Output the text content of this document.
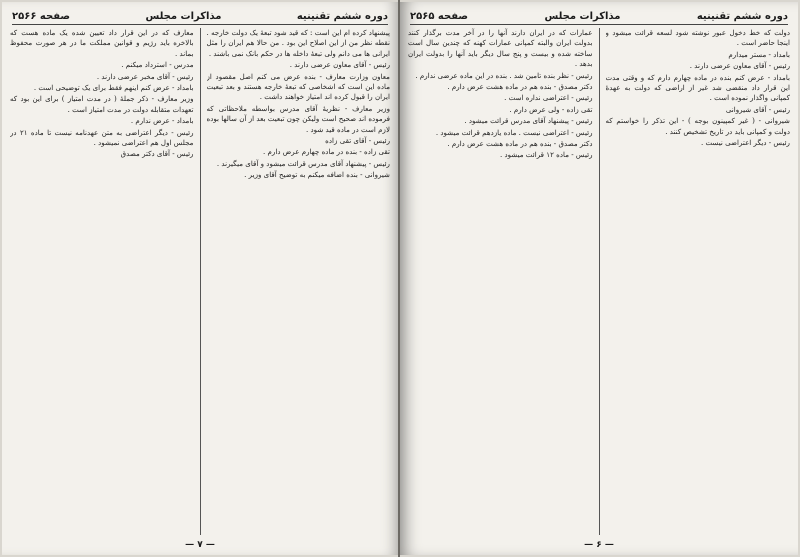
دوره ششم تقنینیه
مذاکرات مجلس
صفحه ۲۵۶۶

پیشنهاد کرده ام این است : که قید شود تبعهٔ یک دولت خارجه . نقطه نظر من از این اصلاح این بود . من حالا هم ایران را مثل ایرانی ها می دانم ولی تبعهٔ داخله ها در حکم بانک نمی باشند .

رئیس - آقای معاون عرضی دارند .

معاون وزارت معارف - بنده عرض می کنم اصل مقصود از ماده این است که اشخاصی که تبعهٔ خارجه هستند و بعد تبعیت ایران را قبول کرده اند امتیاز خواهند داشت .

وزیر معارف - نظریهٔ آقای مدرس بواسطه ملاحظاتی که فرموده اند صحیح است ولیکن چون تبعیت بعد از آن سالها بوده لازم است در ماده قید شود .

رئیس - آقای تقی زاده

تقی زاده - بنده در ماده چهارم عرض دارم .

رئیس - پیشنهاد آقای مدرس قرائت میشود و آقای میگیرند .

شیروانی - بنده اضافه میکنم به توضیح آقای وزیر .

معارف که در این قرار داد تعیین شده یک ماده هست که بالاخره باید رژیم و قوانین مملکت ما در هر صورت محفوظ بماند .

مدرس - استرداد میکنم .

رئیس - آقای مخبر عرضی دارند .

بامداد - عرض کنم اینهم فقط برای یک توضیحی است .

وزیر معارف - ذکر جملهٔ ( در مدت امتیاز ) برای این بود که تعهدات متقابله دولت در مدت امتیاز است .

بامداد - عرض ندارم .

رئیس - دیگر اعتراضی به متن عهدنامه نیست تا ماده ۲۱ در مجلس اول هم اعتراضی نمیشود .

رئیس - آقای دکتر مصدق

— ۷ —
دوره ششم تقنینیه
مذاکرات مجلس
صفحه ۲۵۶۵

دولت که خط دخول عبور نوشته شود لسعه قرائت میشود و اینجا حاضر است .

بامداد - مستر میدارم

رئیس - آقای معاون عرضی دارند .

بامداد - عرض کنم بنده در ماده چهارم دارم که و وقتی مدت این قرار داد منقضی شد غیر از اراضی که دولت به عهدهٔ کمپانی واگذار نموده است .

رئیس - آقای شیروانی

شیروانی - ( غیر کمپینون بوجه ) - این تذکر را خواستم که دولت و کمپانی باید در تاریخ تشخیص کنند .

رئیس - دیگر اعتراضی نیست .

عمارات که در ایران دارند آنها را در آخر مدت برگذار کنند بدولت ایران والبته کمپانی عمارات کهنه که چندین سال است ساخته شده و بیست و پنج سال دیگر باید آنها را بدولت ایران بدهد .

رئیس - نظر بنده تامین شد . بنده در این ماده عرضی ندارم .

دکتر مصدق - بنده هم در ماده هشت عرض دارم .

رئیس - اعتراضی نداره است .

تقی زاده - ولی عرض دارم .

رئیس - پیشنهاد آقای مدرس قرائت میشود .

رئیس - اعتراضی نیست . ماده یازدهم قرائت میشود .

دکتر مصدق - بنده هم در ماده هشت عرض دارم .

رئیس - ماده ۱۲ قرائت میشود .

— ۶ —
